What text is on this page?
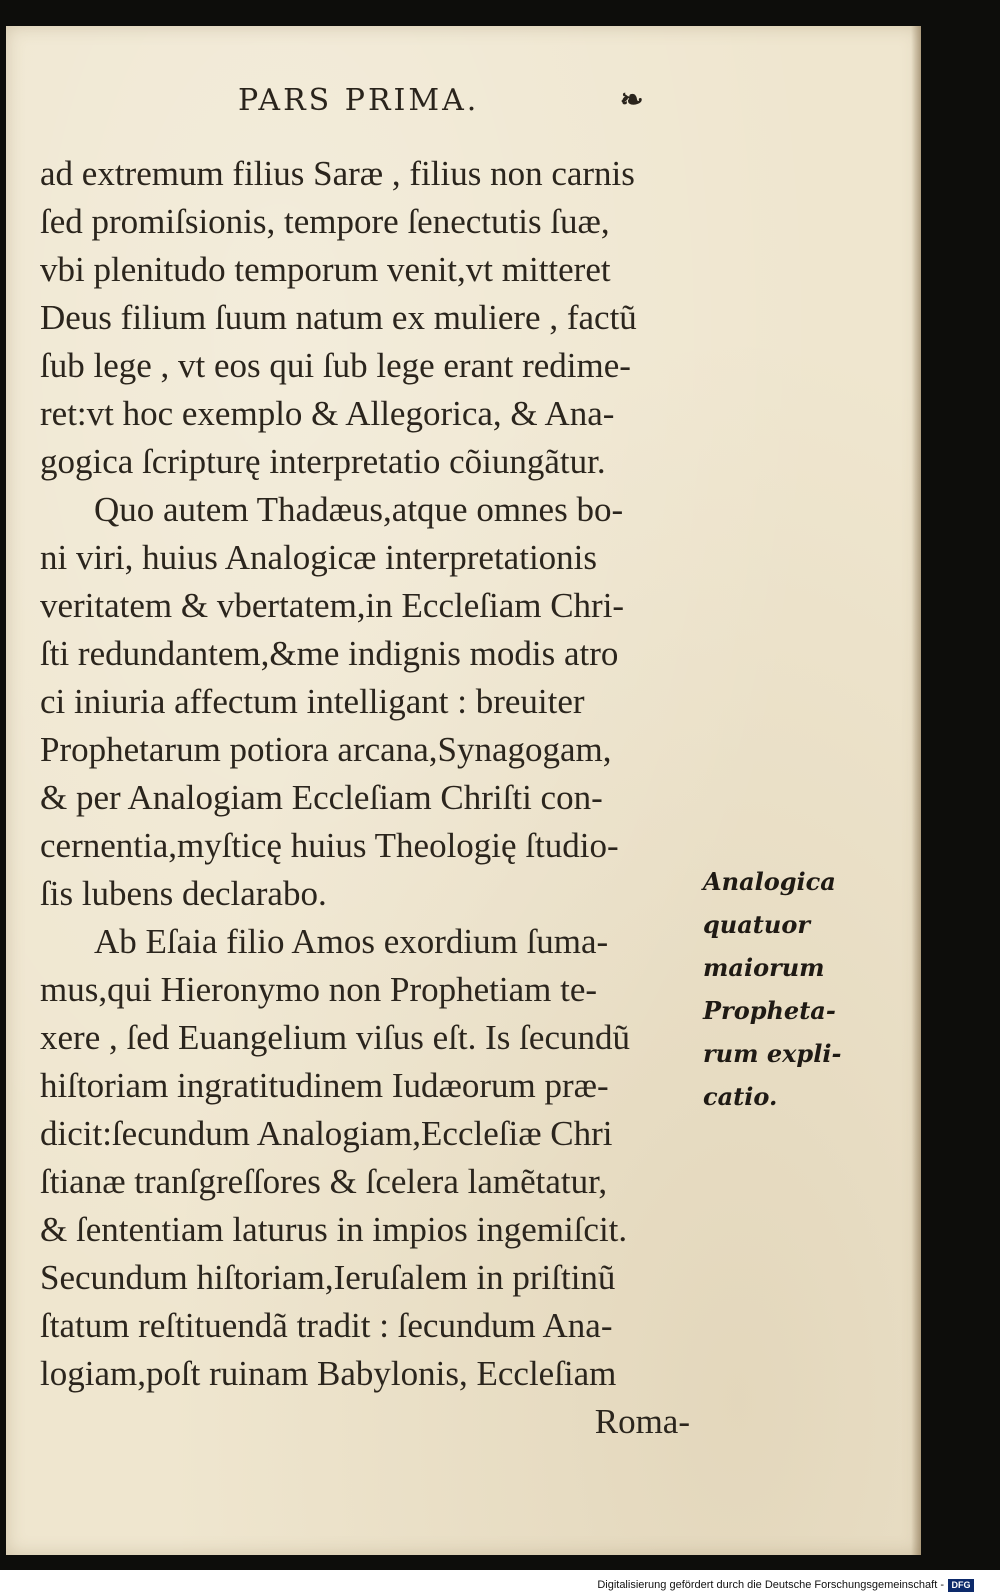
PARS PRIMA.	❧
ad extremum filius Saræ , filius non carnis
ſed promiſsionis, tempore ſenectutis ſuæ,
vbi plenitudo temporum venit,vt mitteret
Deus filium ſuum natum ex muliere , factũ
ſub lege , vt eos qui ſub lege erant redime-
ret:vt hoc exemplo & Allegorica, & Ana-
gogica ſcripturę interpretatio cõiungãtur.
Quo autem Thadæus,atque omnes bo-
ni viri, huius Analogicæ interpretationis
veritatem & vbertatem,in Eccleſiam Chri-
ſti redundantem,&me indignis modis atro
ci iniuria affectum intelligant : breuiter
Prophetarum potiora arcana,Synagogam,
& per Analogiam Eccleſiam Chriſti con-
cernentia,myſticę huius Theologię ſtudio-
ſis lubens declarabo.
Ab Eſaia filio Amos exordium ſuma-
mus,qui Hieronymo non Prophetiam te-
xere , ſed Euangelium viſus eſt. Is ſecundũ
hiſtoriam ingratitudinem Iudæorum præ-
dicit:ſecundum Analogiam,Eccleſiæ Chri
ſtianæ tranſgreſſores & ſcelera lamẽtatur,
& ſententiam laturus in impios ingemiſcit.
Secundum hiſtoriam,Ieruſalem in priſtinũ
ſtatum reſtituendã tradit : ſecundum Ana-
logiam,poſt ruinam Babylonis, Eccleſiam
Roma-
Analogica
quatuor
maiorum
Propheta-
rum expli-
catio.
Digitalisierung gefördert durch die Deutsche Forschungsgemeinschaft - DFG
